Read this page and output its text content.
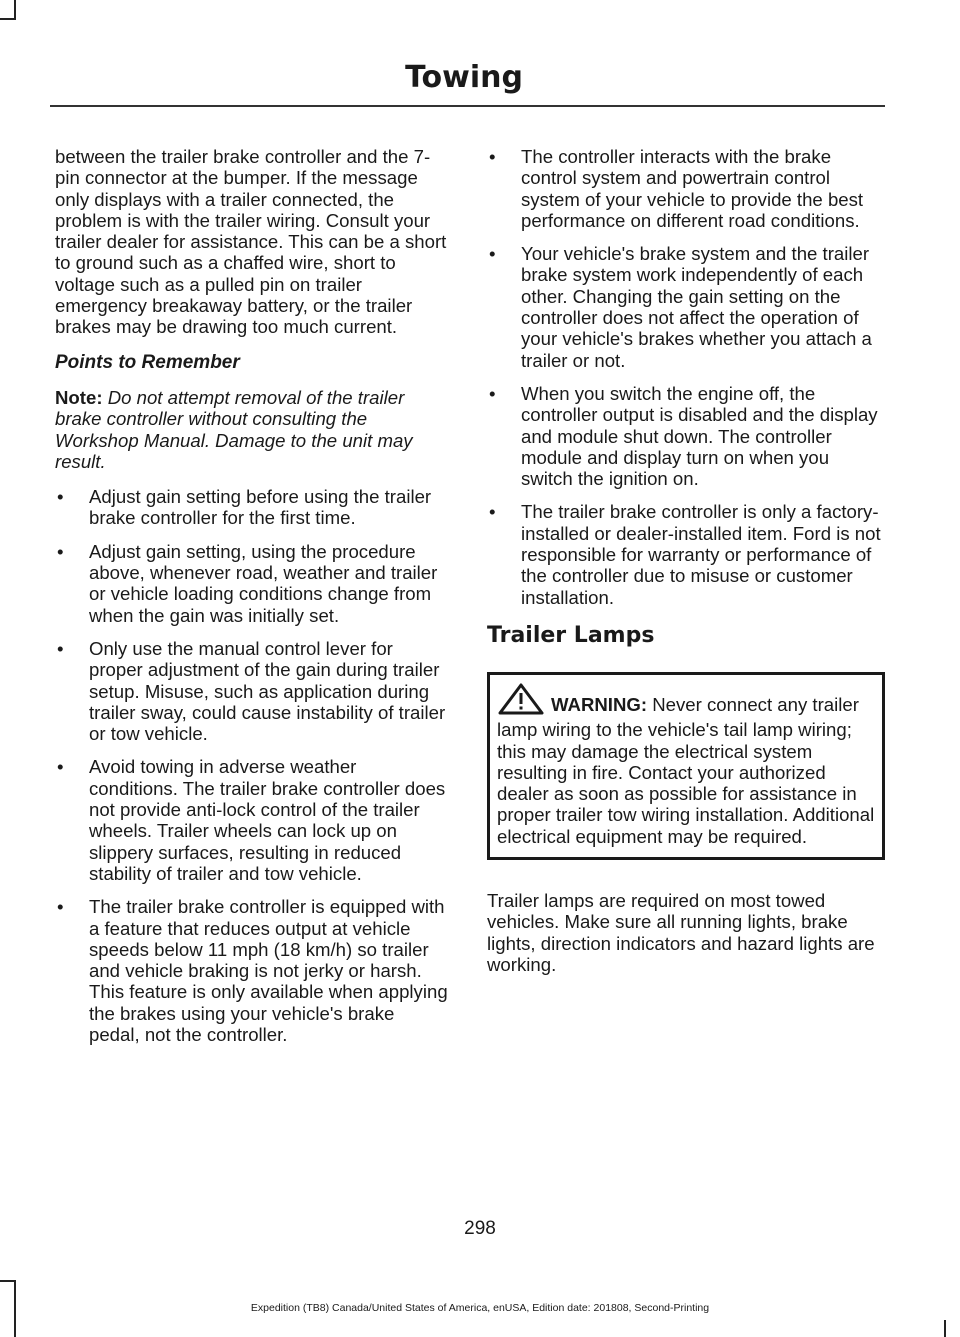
Towing

between the trailer brake controller and the 7-pin connector at the bumper. If the message only displays with a trailer connected, the problem is with the trailer wiring. Consult your trailer dealer for assistance. This can be a short to ground such as a chaffed wire, short to voltage such as a pulled pin on trailer emergency breakaway battery, or the trailer brakes may be drawing too much current.

Points to Remember

Note: Do not attempt removal of the trailer brake controller without consulting the Workshop Manual. Damage to the unit may result.

• Adjust gain setting before using the trailer brake controller for the first time.
• Adjust gain setting, using the procedure above, whenever road, weather and trailer or vehicle loading conditions change from when the gain was initially set.
• Only use the manual control lever for proper adjustment of the gain during trailer setup. Misuse, such as application during trailer sway, could cause instability of trailer or tow vehicle.
• Avoid towing in adverse weather conditions. The trailer brake controller does not provide anti-lock control of the trailer wheels. Trailer wheels can lock up on slippery surfaces, resulting in reduced stability of trailer and tow vehicle.
• The trailer brake controller is equipped with a feature that reduces output at vehicle speeds below 11 mph (18 km/h) so trailer and vehicle braking is not jerky or harsh. This feature is only available when applying the brakes using your vehicle's brake pedal, not the controller.
• The controller interacts with the brake control system and powertrain control system of your vehicle to provide the best performance on different road conditions.
• Your vehicle's brake system and the trailer brake system work independently of each other. Changing the gain setting on the controller does not affect the operation of your vehicle's brakes whether you attach a trailer or not.
• When you switch the engine off, the controller output is disabled and the display and module shut down. The controller module and display turn on when you switch the ignition on.
• The trailer brake controller is only a factory-installed or dealer-installed item. Ford is not responsible for warranty or performance of the controller due to misuse or customer installation.
Trailer Lamps
WARNING: Never connect any trailer lamp wiring to the vehicle's tail lamp wiring; this may damage the electrical system resulting in fire. Contact your authorized dealer as soon as possible for assistance in proper trailer tow wiring installation. Additional electrical equipment may be required.

Trailer lamps are required on most towed vehicles. Make sure all running lights, brake lights, direction indicators and hazard lights are working.

298

Expedition (TB8) Canada/United States of America, enUSA, Edition date: 201808, Second-Printing
